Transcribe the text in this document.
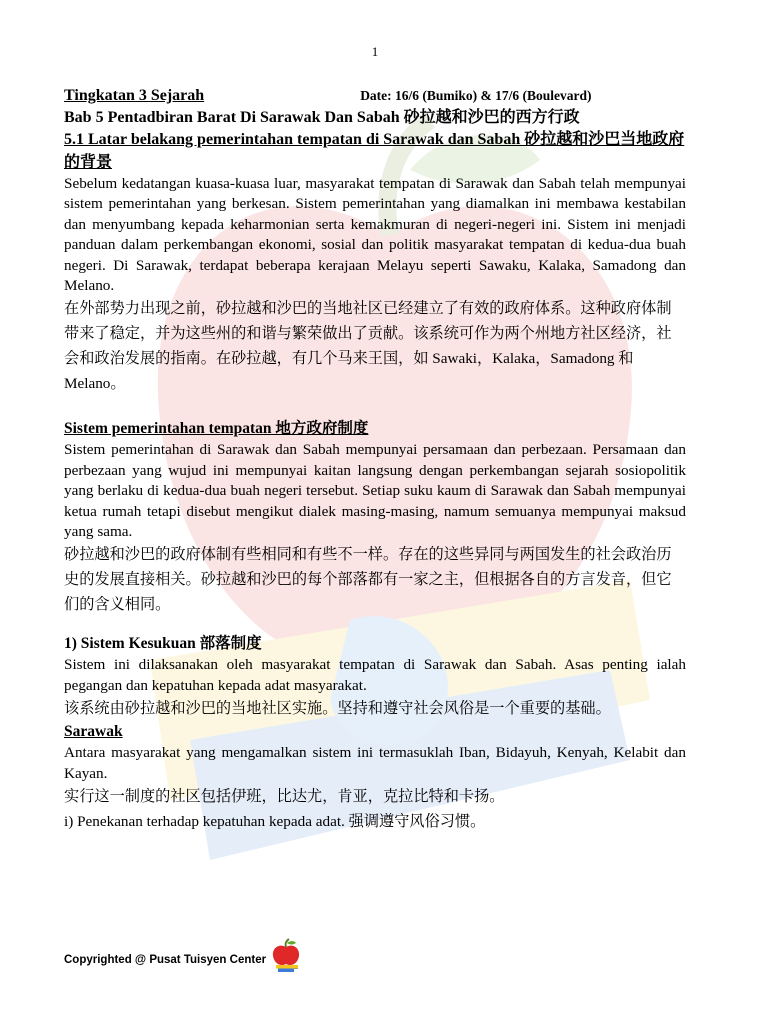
1
Tingkatan 3 Sejarah	Date: 16/6 (Bumiko) & 17/6 (Boulevard)

Bab 5 Pentadbiran Barat Di Sarawak Dan Sabah 砂拉越和沙巴的西方行政

5.1 Latar belakang pemerintahan tempatan di Sarawak dan Sabah 砂拉越和沙巴当地政府的背景

Sebelum kedatangan kuasa-kuasa luar, masyarakat tempatan di Sarawak dan Sabah telah mempunyai sistem pemerintahan yang berkesan. Sistem pemerintahan yang diamalkan ini membawa kestabilan dan menyumbang kepada keharmonian serta kemakmuran di negeri-negeri ini. Sistem ini menjadi panduan dalam perkembangan ekonomi, sosial dan politik masyarakat tempatan di kedua-dua buah negeri. Di Sarawak, terdapat beberapa kerajaan Melayu seperti Sawaku, Kalaka, Samadong dan Melano.

在外部势力出现之前，砂拉越和沙巴的当地社区已经建立了有效的政府体系。这种政府体制带来了稳定，并为这些州的和谐与繁荣做出了贡献。该系统可作为两个州地方社区经济，社会和政治发展的指南。在砂拉越，有几个马来王国，如 Sawaki，Kalaka，Samadong 和 Melano。

Sistem pemerintahan tempatan 地方政府制度

Sistem pemerintahan di Sarawak dan Sabah mempunyai persamaan dan perbezaan. Persamaan dan perbezaan yang wujud ini mempunyai kaitan langsung dengan perkembangan sejarah sosiopolitik yang berlaku di kedua-dua buah negeri tersebut. Setiap suku kaum di Sarawak dan Sabah mempunyai ketua rumah tetapi disebut mengikut dialek masing-masing, namum semuanya mempunyai maksud yang sama.

砂拉越和沙巴的政府体制有些相同和有些不一样。存在的这些异同与两国发生的社会政治历史的发展直接相关。砂拉越和沙巴的每个部落都有一家之主，但根据各自的方言发音，但它们的含义相同。

1) Sistem Kesukuan 部落制度

Sistem ini dilaksanakan oleh masyarakat tempatan di Sarawak dan Sabah. Asas penting ialah pegangan dan kepatuhan kepada adat masyarakat.

该系统由砂拉越和沙巴的当地社区实施。坚持和遵守社会风俗是一个重要的基础。

Sarawak

Antara masyarakat yang mengamalkan sistem ini termasuklah Iban, Bidayuh, Kenyah, Kelabit dan Kayan.

实行这一制度的社区包括伊班，比达尤，肯亚，克拉比特和卡扬。

i) Penekanan terhadap kepatuhan kepada adat. 强调遵守风俗习惯。

Copyrighted @ Pusat Tuisyen Center
